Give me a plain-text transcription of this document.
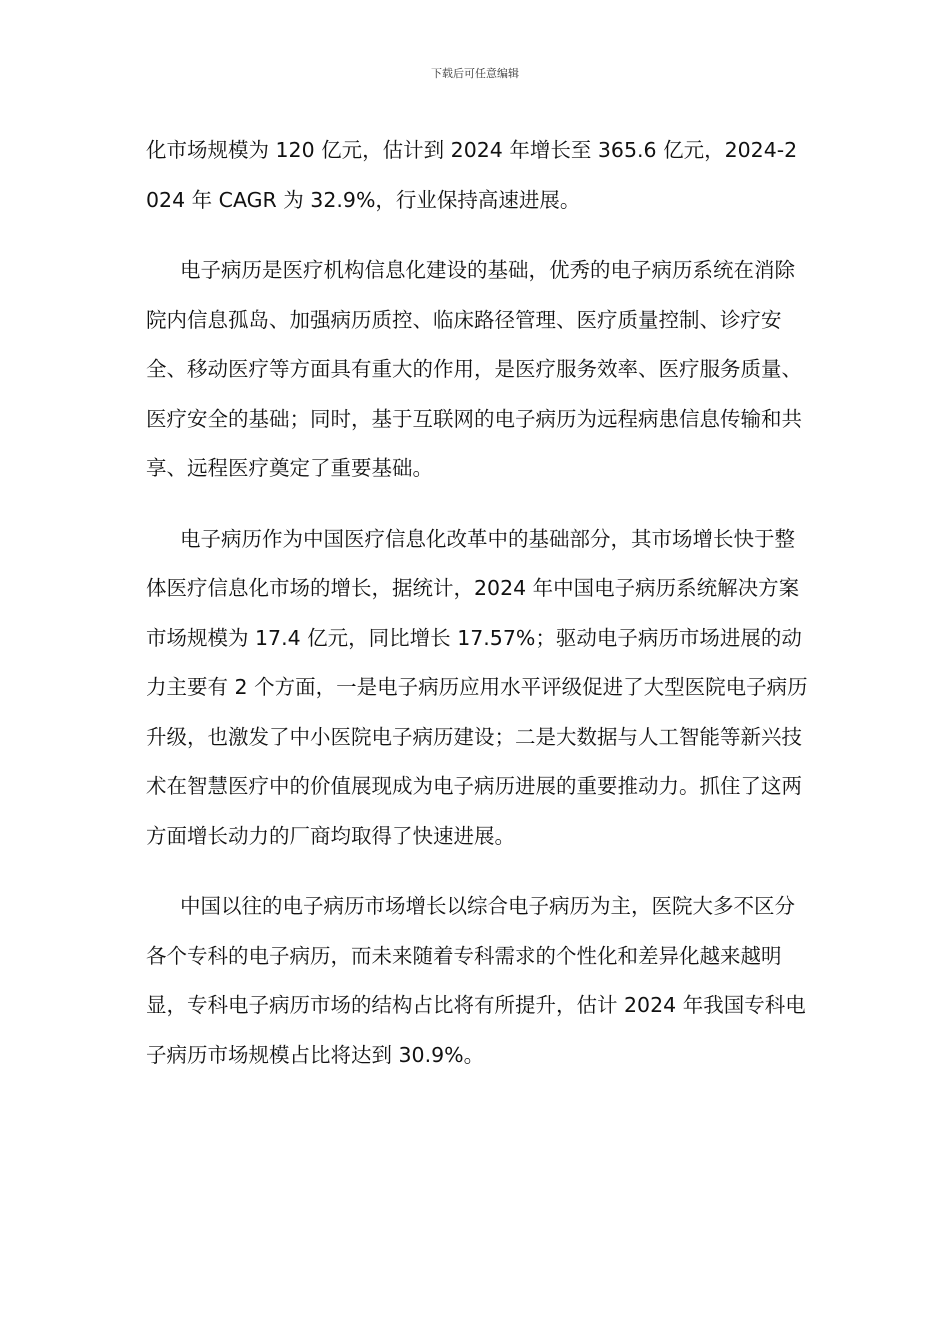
下载后可任意编辑

化市场规模为 120 亿元，估计到 2024 年增长至 365.6 亿元，2024-2024 年 CAGR 为 32.9%，行业保持高速进展。

电子病历是医疗机构信息化建设的基础，优秀的电子病历系统在消除院内信息孤岛、加强病历质控、临床路径管理、医疗质量控制、诊疗安全、移动医疗等方面具有重大的作用，是医疗服务效率、医疗服务质量、医疗安全的基础；同时，基于互联网的电子病历为远程病患信息传输和共享、远程医疗奠定了重要基础。

电子病历作为中国医疗信息化改革中的基础部分，其市场增长快于整体医疗信息化市场的增长，据统计，2024 年中国电子病历系统解决方案市场规模为 17.4 亿元，同比增长 17.57%；驱动电子病历市场进展的动力主要有 2 个方面，一是电子病历应用水平评级促进了大型医院电子病历升级，也激发了中小医院电子病历建设；二是大数据与人工智能等新兴技术在智慧医疗中的价值展现成为电子病历进展的重要推动力。抓住了这两方面增长动力的厂商均取得了快速进展。

中国以往的电子病历市场增长以综合电子病历为主，医院大多不区分各个专科的电子病历，而未来随着专科需求的个性化和差异化越来越明显，专科电子病历市场的结构占比将有所提升，估计 2024 年我国专科电子病历市场规模占比将达到 30.9%。
